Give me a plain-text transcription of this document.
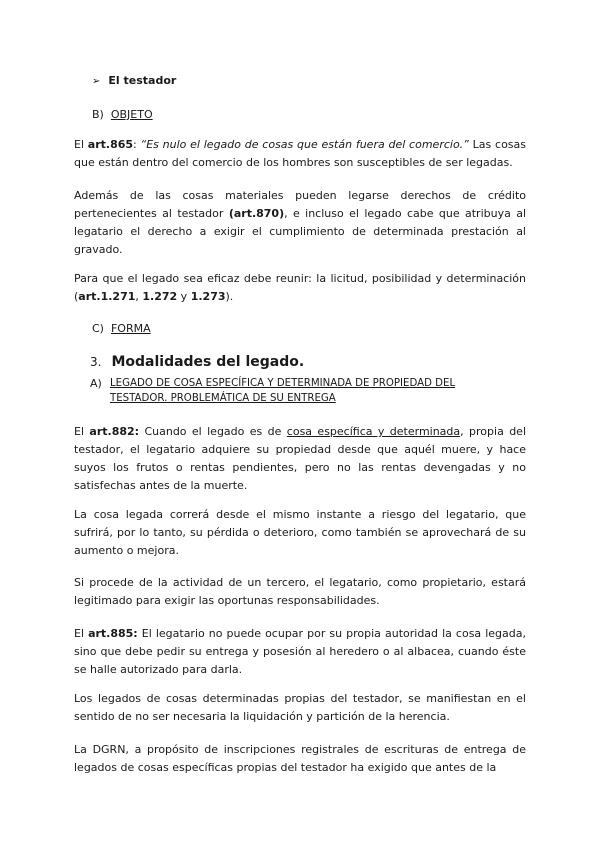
➢ El testador
B) OBJETO
El art.865: “Es nulo el legado de cosas que están fuera del comercio.” Las cosas que están dentro del comercio de los hombres son susceptibles de ser legadas.
Además de las cosas materiales pueden legarse derechos de crédito pertenecientes al testador (art.870), e incluso el legado cabe que atribuya al legatario el derecho a exigir el cumplimiento de determinada prestación al gravado.
Para que el legado sea eficaz debe reunir: la licitud, posibilidad y determinación (art.1.271, 1.272 y 1.273).
C) FORMA
3. Modalidades del legado.
A) LEGADO DE COSA ESPECÍFICA Y DETERMINADA DE PROPIEDAD DEL
TESTADOR. PROBLEMÁTICA DE SU ENTREGA
El art.882: Cuando el legado es de cosa específica y determinada, propia del testador, el legatario adquiere su propiedad desde que aquél muere, y hace suyos los frutos o rentas pendientes, pero no las rentas devengadas y no satisfechas antes de la muerte.
La cosa legada correrá desde el mismo instante a riesgo del legatario, que sufrirá, por lo tanto, su pérdida o deterioro, como también se aprovechará de su aumento o mejora.
Si procede de la actividad de un tercero, el legatario, como propietario, estará legitimado para exigir las oportunas responsabilidades.
El art.885: El legatario no puede ocupar por su propia autoridad la cosa legada, sino que debe pedir su entrega y posesión al heredero o al albacea, cuando éste se halle autorizado para darla.
Los legados de cosas determinadas propias del testador, se manifiestan en el sentido de no ser necesaria la liquidación y partición de la herencia.
La DGRN, a propósito de inscripciones registrales de escrituras de entrega de legados de cosas específicas propias del testador ha exigido que antes de la
